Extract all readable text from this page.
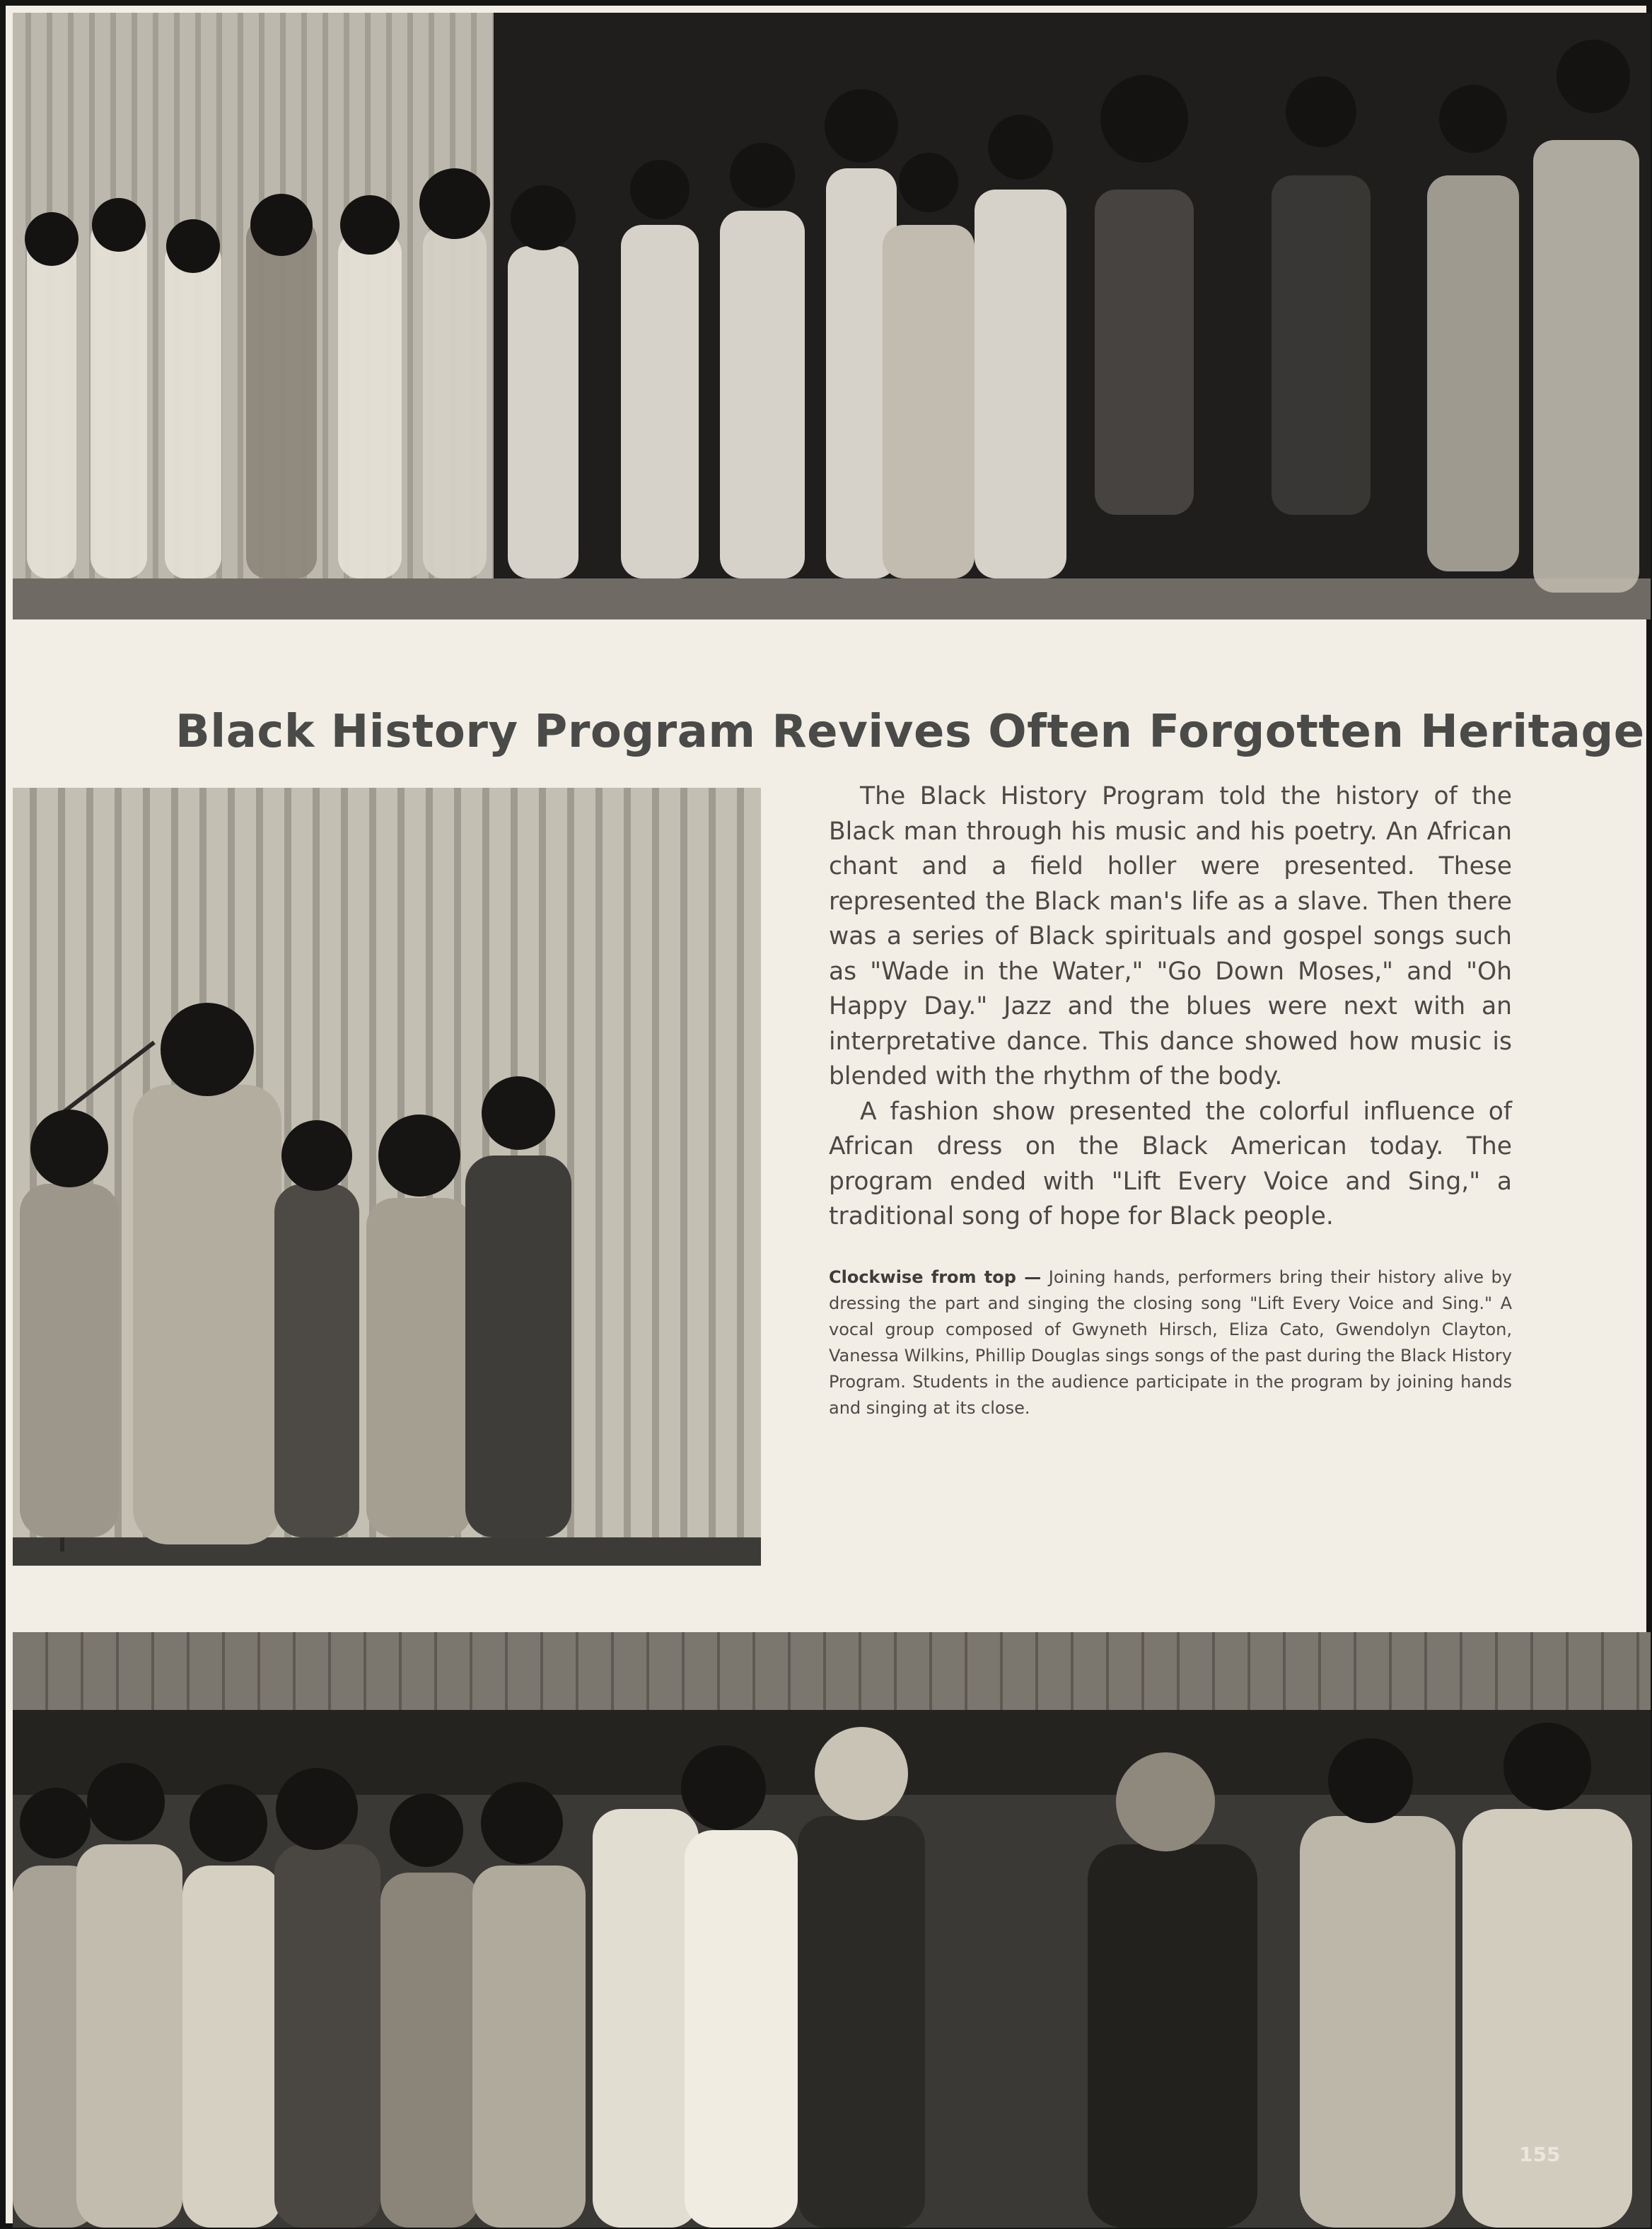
Black History Program Revives Often Forgotten Heritage

The Black History Program told the history of the Black man through his music and his poetry. An African chant and a field holler were presented. These represented the Black man's life as a slave. Then there was a series of Black spirituals and gospel songs such as "Wade in the Water," "Go Down Moses," and "Oh Happy Day." Jazz and the blues were next with an interpretative dance. This dance showed how music is blended with the rhythm of the body.

A fashion show presented the colorful influence of African dress on the Black American today. The program ended with "Lift Every Voice and Sing," a traditional song of hope for Black people.

Clockwise from top — Joining hands, performers bring their history alive by dressing the part and singing the closing song "Lift Every Voice and Sing." A vocal group composed of Gwyneth Hirsch, Eliza Cato, Gwendolyn Clayton, Vanessa Wilkins, Phillip Douglas sings songs of the past during the Black History Program. Students in the audience participate in the program by joining hands and singing at its close.
155
